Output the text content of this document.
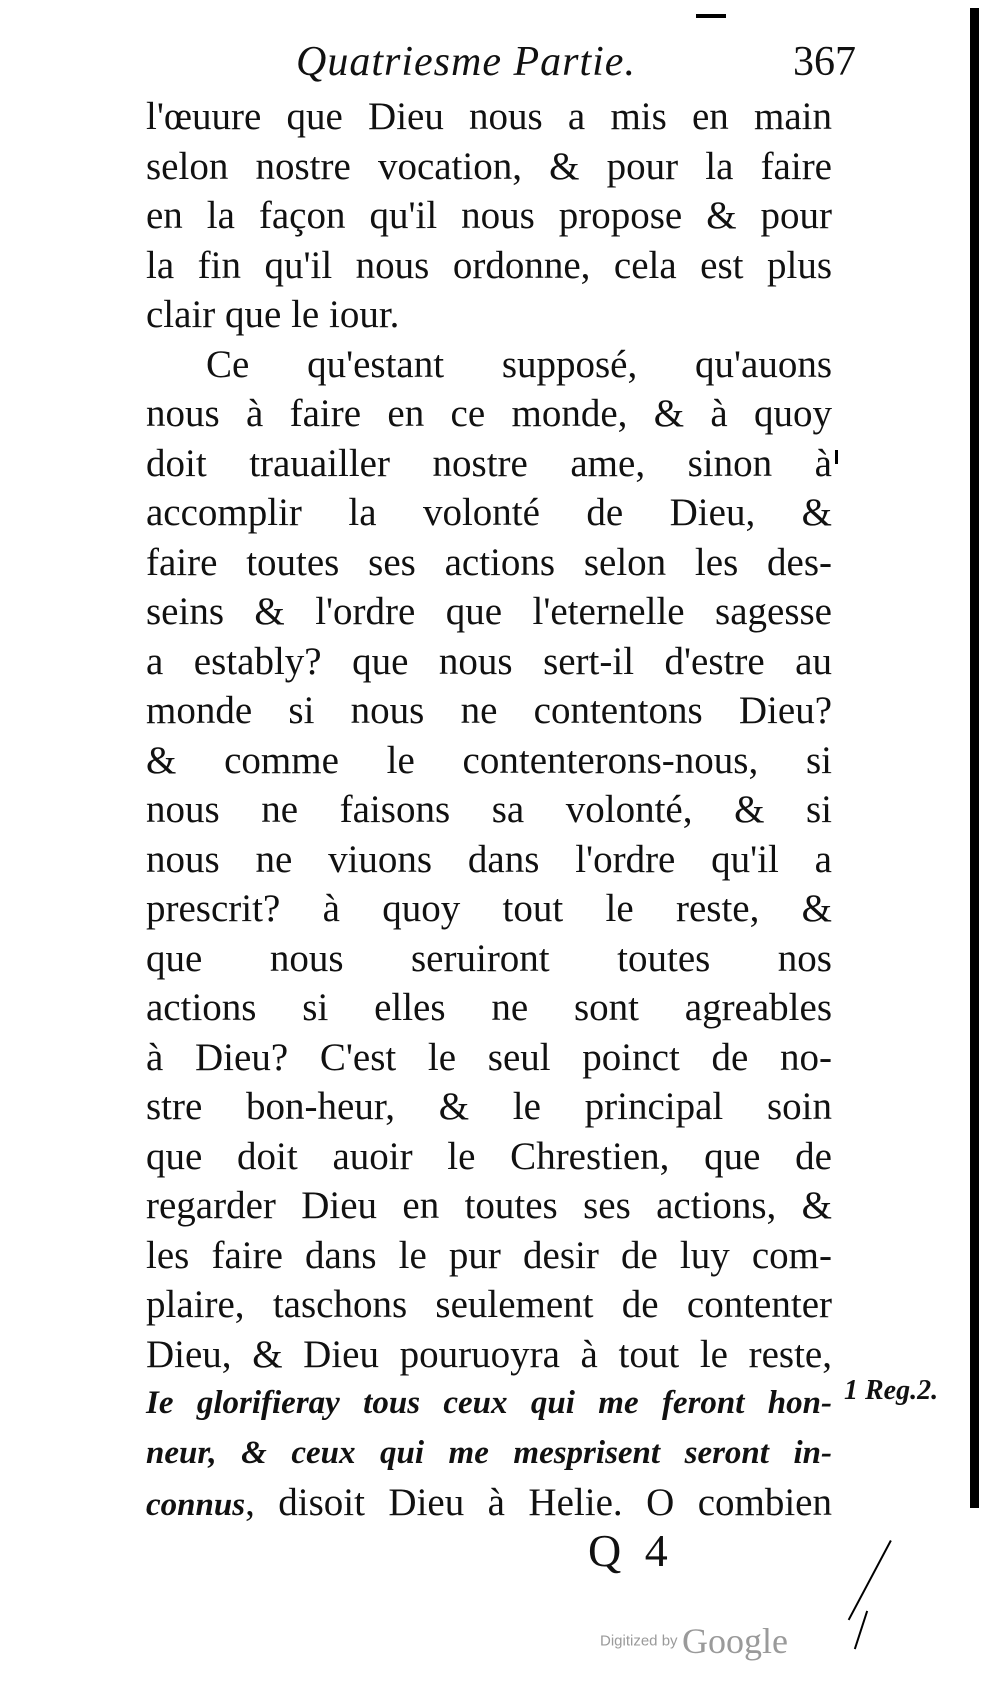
Quatriesme Partie.	367
l'œuure que Dieu nous a mis en main
selon nostre vocation, & pour la faire
en la façon qu'il nous propose & pour
la fin qu'il nous ordonne, cela est plus
clair que le iour.
Ce qu'estant supposé, qu'auons
nous à faire en ce monde, & à quoy
doit trauailler nostre ame, sinon à
accomplir la volonté de Dieu, &
faire toutes ses actions selon les des-
seins & l'ordre que l'eternelle sagesse
a estably? que nous sert-il d'estre au
monde si nous ne contentons Dieu?
& comme le contenterons-nous, si
nous ne faisons sa volonté, & si
nous ne viuons dans l'ordre qu'il a
prescrit? à quoy tout le reste, &
que nous seruiront toutes nos
actions si elles ne sont agreables
à Dieu? C'est le seul poinct de no-
stre bon-heur, & le principal soin
que doit auoir le Chrestien, que de
regarder Dieu en toutes ses actions, &
les faire dans le pur desir de luy com-
plaire, taschons seulement de contenter
Dieu, & Dieu pouruoyra à tout le reste,
Ie glorifieray tous ceux qui me feront hon-
neur, & ceux qui me mesprisent seront in-
connus, disoit Dieu à Helie. O combien
1 Reg.2.
Q 4
Digitized by Google
